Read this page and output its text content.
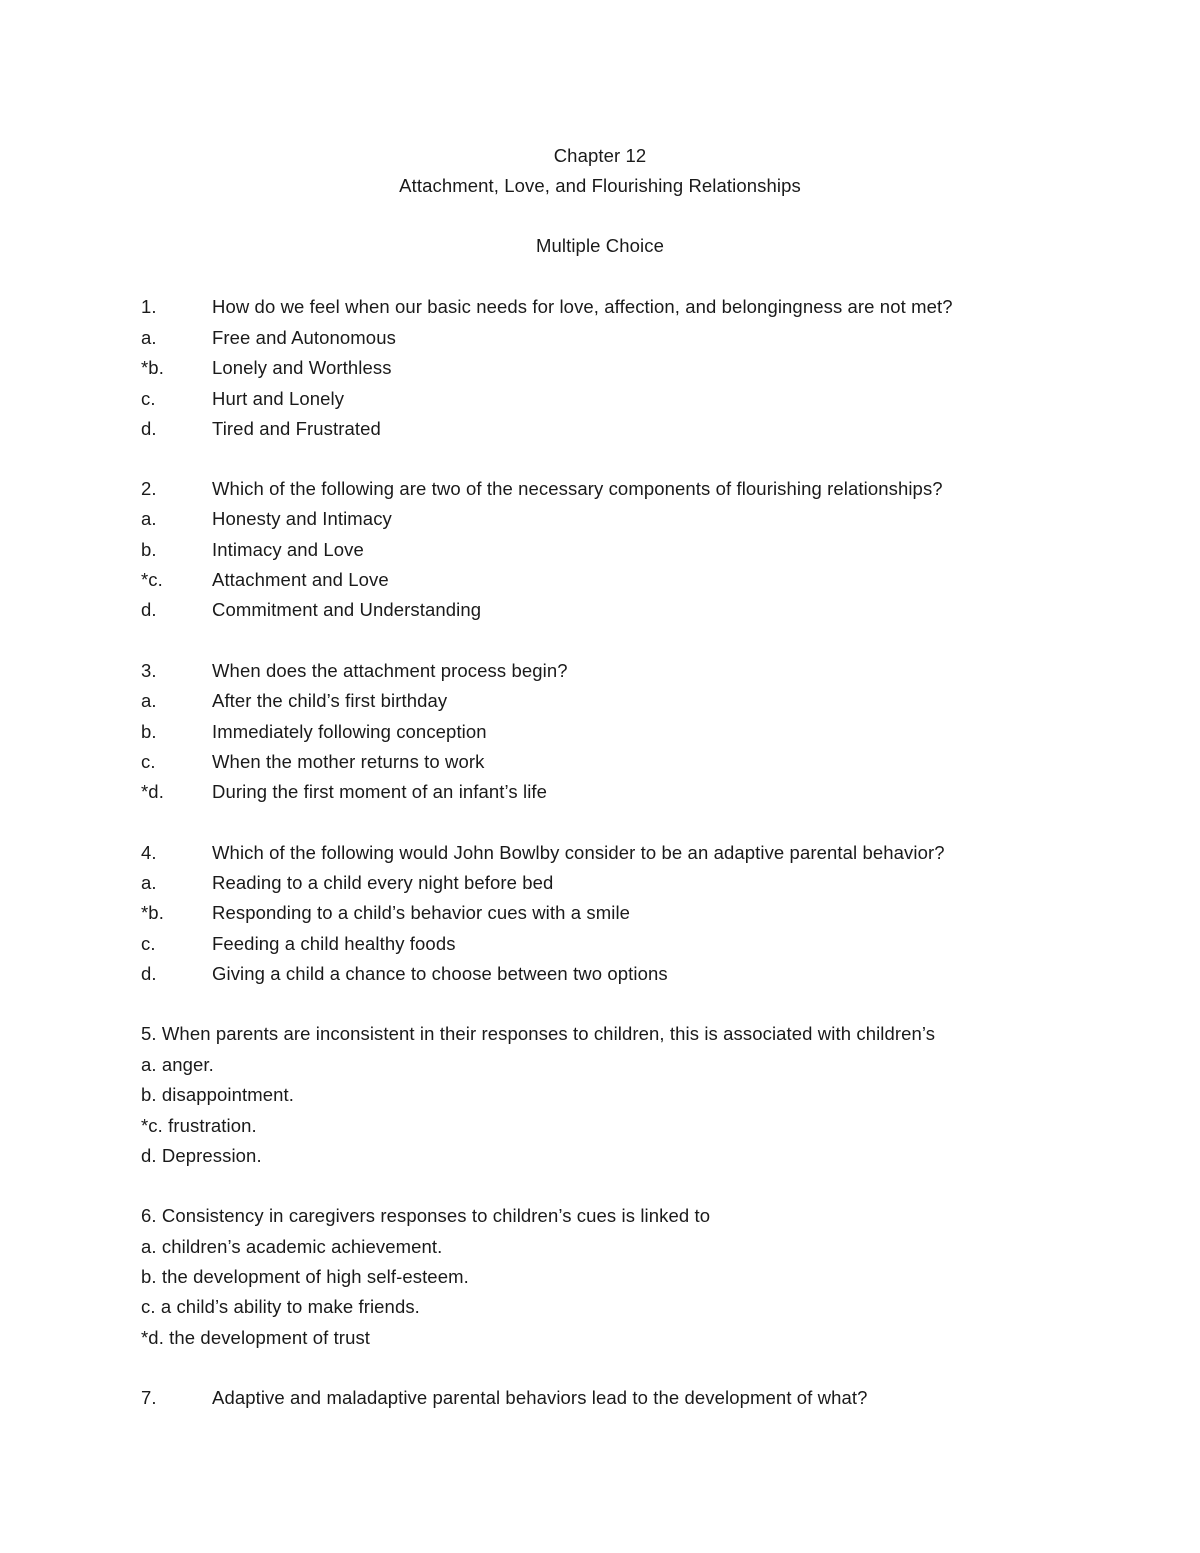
Chapter 12
Attachment, Love, and Flourishing Relationships
Multiple Choice
1.	How do we feel when our basic needs for love, affection, and belongingness are not met?
a.	Free and Autonomous
*b.	Lonely and Worthless
c.	Hurt and Lonely
d.	Tired and Frustrated
2.	Which of the following are two of the necessary components of flourishing relationships?
a.	Honesty and Intimacy
b.	Intimacy and Love
*c.	Attachment and Love
d.	Commitment and Understanding
3.	When does the attachment process begin?
a.	After the child’s first birthday
b.	Immediately following conception
c.	When the mother returns to work
*d.	During the first moment of an infant’s life
4.	Which of the following would John Bowlby consider to be an adaptive parental behavior?
a.	Reading to a child every night before bed
*b.	Responding to a child’s behavior cues with a smile
c.	Feeding a child healthy foods
d.	Giving a child a chance to choose between two options
5. When parents are inconsistent in their responses to children, this is associated with children’s
a. anger.
b. disappointment.
*c. frustration.
d. Depression.
6. Consistency in caregivers responses to children’s cues is linked to
a. children’s academic achievement.
b. the development of high self-esteem.
c. a child’s ability to make friends.
*d. the development of trust
7.	Adaptive and maladaptive parental behaviors lead to the development of what?
